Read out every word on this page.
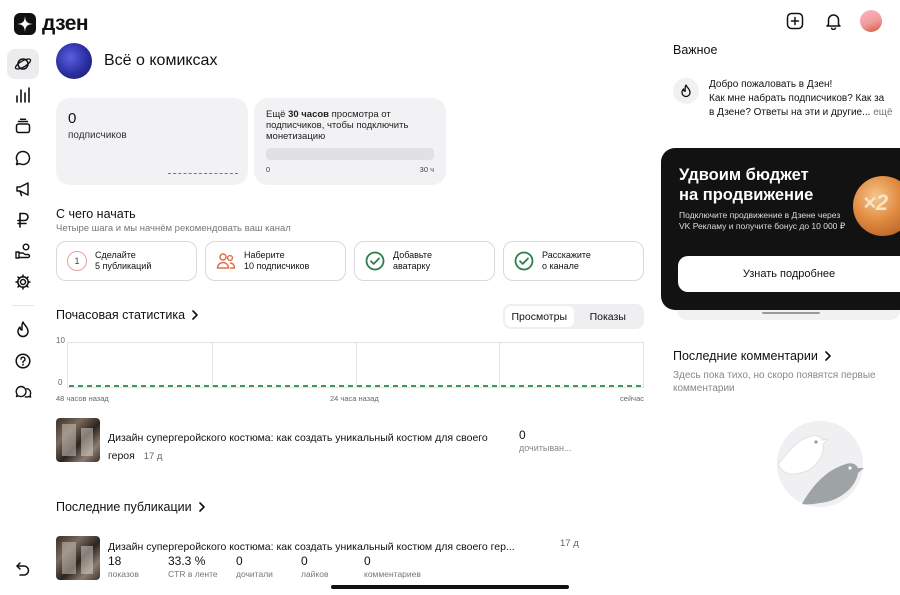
дзен
Всё о комиксах
0
подписчиков
Ещё 30 часов просмотра от подписчиков, чтобы подключить монетизацию
0	30 ч
С чего начать
Четыре шага и мы начнём рекомендовать ваш канал
1
Сделайте
5 публикаций
Наберите
10 подписчиков
Добавьте
аватарку
Расскажите
о канале
Почасовая статистика	Просмотры	Показы
10
0
48 часов назад	24 часа назад	сейчас
Дизайн супергеройского костюма: как создать уникальный костюм для своего героя 17 д
0
дочитыван...
Последние публикации
Дизайн супергеройского костюма: как создать уникальный костюм для своего гер...	17 д
18
показов
33.3 %
CTR в ленте
0
дочитали
0
лайков
0
комментариев
Важное
Добро пожаловать в Дзен!
Как мне набрать подписчиков? Как за
в Дзене? Ответы на эти и другие... ещё
Удвоим бюджет
на продвижение
Подключите продвижение в Дзене через VK Рекламу и получите бонус до 10 000 ₽
×2
Узнать подробнее
Последние комментарии
Здесь пока тихо, но скоро появятся первые комментарии
